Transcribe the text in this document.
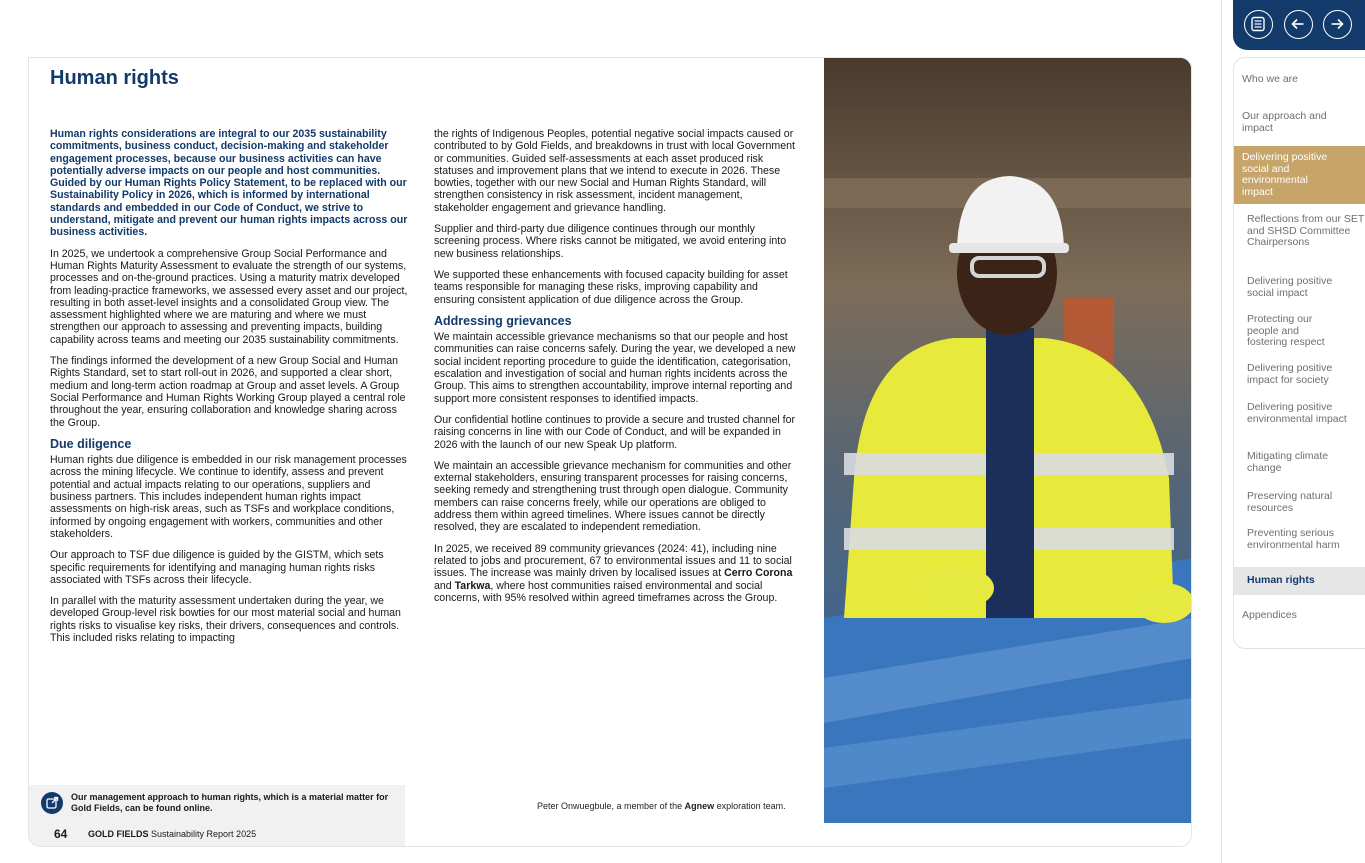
Who we are
Our approach and impact
Delivering positive social and environmental impact
Reflections from our SET and SHSD Committee Chairpersons
Delivering positive social impact
Protecting our people and fostering respect
Delivering positive impact for society
Delivering positive environmental impact
Mitigating climate change
Preserving natural resources
Preventing serious environmental harm
Human rights
Appendices
Human rights

Human rights considerations are integral to our 2035 sustainability commitments, business conduct, decision-making and stakeholder engagement processes, because our business activities can have potentially adverse impacts on our people and host communities. Guided by our Human Rights Policy Statement, to be replaced with our Sustainability Policy in 2026, which is informed by international standards and embedded in our Code of Conduct, we strive to understand, mitigate and prevent our human rights impacts across our business activities.

In 2025, we undertook a comprehensive Group Social Performance and Human Rights Maturity Assessment to evaluate the strength of our systems, processes and on-the-ground practices. Using a maturity matrix developed from leading-practice frameworks, we assessed every asset and our project, resulting in both asset-level insights and a consolidated Group view. The assessment highlighted where we are maturing and where we must strengthen our approach to assessing and preventing impacts, building capability across teams and meeting our 2035 sustainability commitments.

The findings informed the development of a new Group Social and Human Rights Standard, set to start roll-out in 2026, and supported a clear short, medium and long-term action roadmap at Group and asset levels. A Group Social Performance and Human Rights Working Group played a central role throughout the year, ensuring collaboration and knowledge sharing across the Group.

Due diligence

Human rights due diligence is embedded in our risk management processes across the mining lifecycle. We continue to identify, assess and prevent potential and actual impacts relating to our operations, suppliers and business partners. This includes independent human rights impact assessments on high-risk areas, such as TSFs and workplace conditions, informed by ongoing engagement with workers, communities and other stakeholders.

Our approach to TSF due diligence is guided by the GISTM, which sets specific requirements for identifying and managing human rights risks associated with TSFs across their lifecycle.

In parallel with the maturity assessment undertaken during the year, we developed Group-level risk bowties for our most material social and human rights risks to visualise key risks, their drivers, consequences and controls. This included risks relating to impacting

the rights of Indigenous Peoples, potential negative social impacts caused or contributed to by Gold Fields, and breakdowns in trust with local Government or communities. Guided self-assessments at each asset produced risk statuses and improvement plans that we intend to execute in 2026. These bowties, together with our new Social and Human Rights Standard, will strengthen consistency in risk assessment, incident management, stakeholder engagement and grievance handling.

Supplier and third-party due diligence continues through our monthly screening process. Where risks cannot be mitigated, we avoid entering into new business relationships.

We supported these enhancements with focused capacity building for asset teams responsible for managing these risks, improving capability and ensuring consistent application of due diligence across the Group.

Addressing grievances

We maintain accessible grievance mechanisms so that our people and host communities can raise concerns safely. During the year, we developed a new social incident reporting procedure to guide the identification, categorisation, escalation and investigation of social and human rights incidents across the Group. This aims to strengthen accountability, improve internal reporting and support more consistent responses to identified impacts.

Our confidential hotline continues to provide a secure and trusted channel for raising concerns in line with our Code of Conduct, and will be expanded in 2026 with the launch of our new Speak Up platform.

We maintain an accessible grievance mechanism for communities and other external stakeholders, ensuring transparent processes for raising concerns, seeking remedy and strengthening trust through open dialogue. Community members can raise concerns freely, while our operations are obliged to address them within agreed timelines. Where issues cannot be directly resolved, they are escalated to independent remediation.

In 2025, we received 89 community grievances (2024: 41), including nine related to jobs and procurement, 67 to environmental issues and 11 to social issues. The increase was mainly driven by localised issues at Cerro Corona and Tarkwa, where host communities raised environmental and social concerns, with 95% resolved within agreed timeframes across the Group.

Peter Onwuegbule, a member of the Agnew exploration team.
Our management approach to human rights, which is a material matter for Gold Fields, can be found online.
64 GOLD FIELDS Sustainability Report 2025
